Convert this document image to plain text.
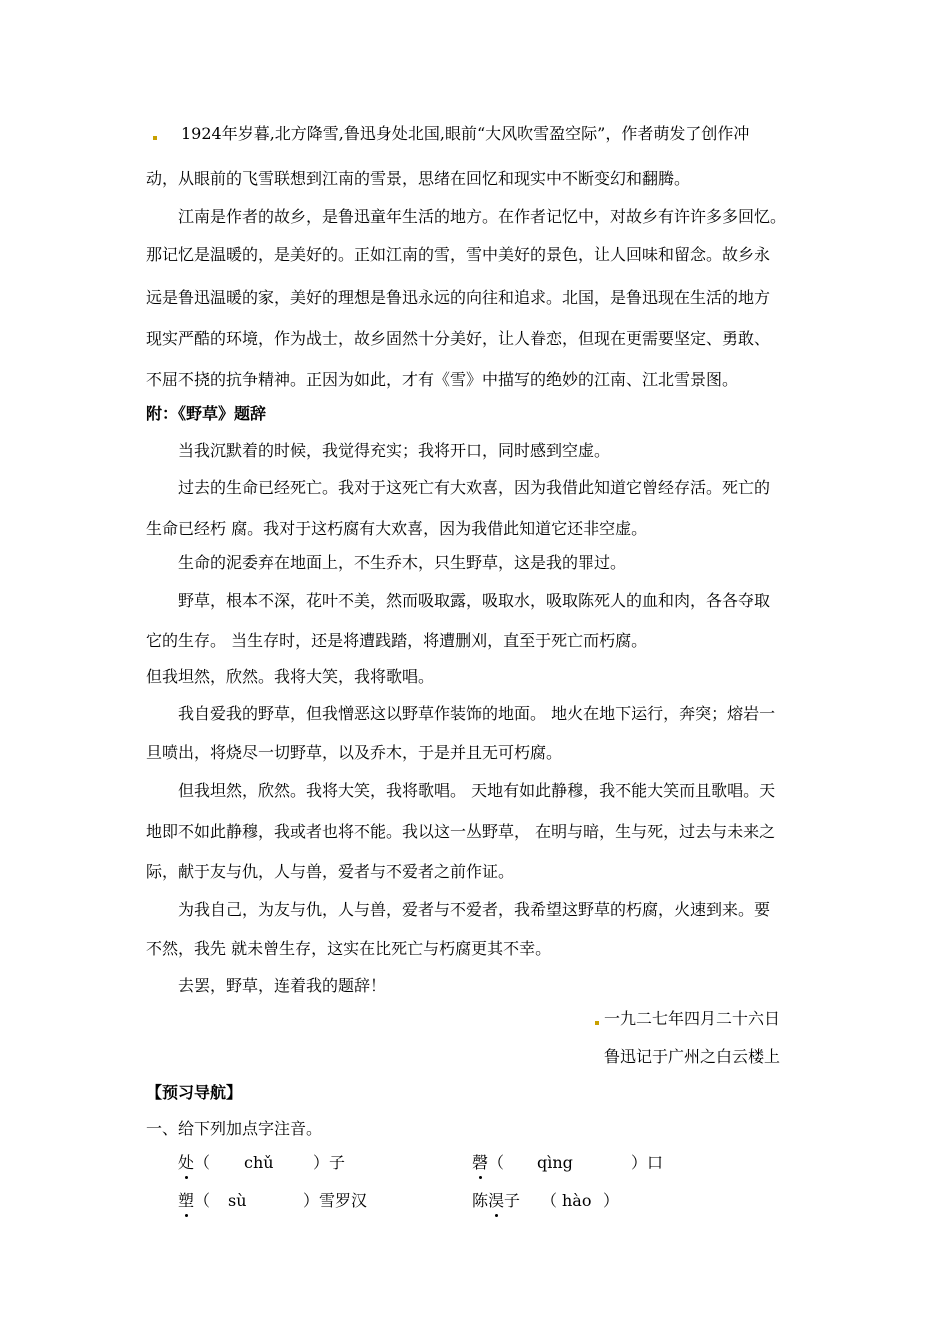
1924年岁暮,北方降雪,鲁迅身处北国,眼前“大风吹雪盈空际”，作者萌发了创作冲
动，从眼前的飞雪联想到江南的雪景，思绪在回忆和现实中不断变幻和翻腾。
江南是作者的故乡，是鲁迅童年生活的地方。在作者记忆中，对故乡有许许多多回忆。
那记忆是温暖的，是美好的。正如江南的雪，雪中美好的景色，让人回味和留念。故乡永
远是鲁迅温暖的家，美好的理想是鲁迅永远的向往和追求。北国，是鲁迅现在生活的地方
现实严酷的环境，作为战士，故乡固然十分美好，让人眷恋，但现在更需要坚定、勇敢、
不屈不挠的抗争精神。正因为如此，才有《雪》中描写的绝妙的江南、江北雪景图。
附：《野草》题辞
当我沉默着的时候，我觉得充实；我将开口，同时感到空虚。
过去的生命已经死亡。我对于这死亡有大欢喜，因为我借此知道它曾经存活。死亡的
生命已经朽 腐。我对于这朽腐有大欢喜，因为我借此知道它还非空虚。
生命的泥委弃在地面上，不生乔木，只生野草，这是我的罪过。
野草，根本不深，花叶不美，然而吸取露，吸取水，吸取陈死人的血和肉，各各夺取
它的生存。 当生存时，还是将遭践踏，将遭删刈，直至于死亡而朽腐。
但我坦然，欣然。我将大笑，我将歌唱。
我自爱我的野草，但我憎恶这以野草作装饰的地面。 地火在地下运行，奔突；熔岩一
旦喷出，将烧尽一切野草，以及乔木，于是并且无可朽腐。
但我坦然，欣然。我将大笑，我将歌唱。 天地有如此静穆，我不能大笑而且歌唱。天
地即不如此静穆，我或者也将不能。我以这一丛野草， 在明与暗，生与死，过去与未来之
际，献于友与仇，人与兽，爱者与不爱者之前作证。
为我自己，为友与仇，人与兽，爱者与不爱者，我希望这野草的朽腐，火速到来。要
不然，我先 就未曾生存，这实在比死亡与朽腐更其不幸。
去罢，野草，连着我的题辞！
一九二七年四月二十六日
鲁迅记于广州之白云楼上
【预习导航】
一、给下列加点字注音。
处（ chǔ ）子	磬（ qìng	）口
塑（ sù	）雪罗汉	陈淏子 （ hào ）
